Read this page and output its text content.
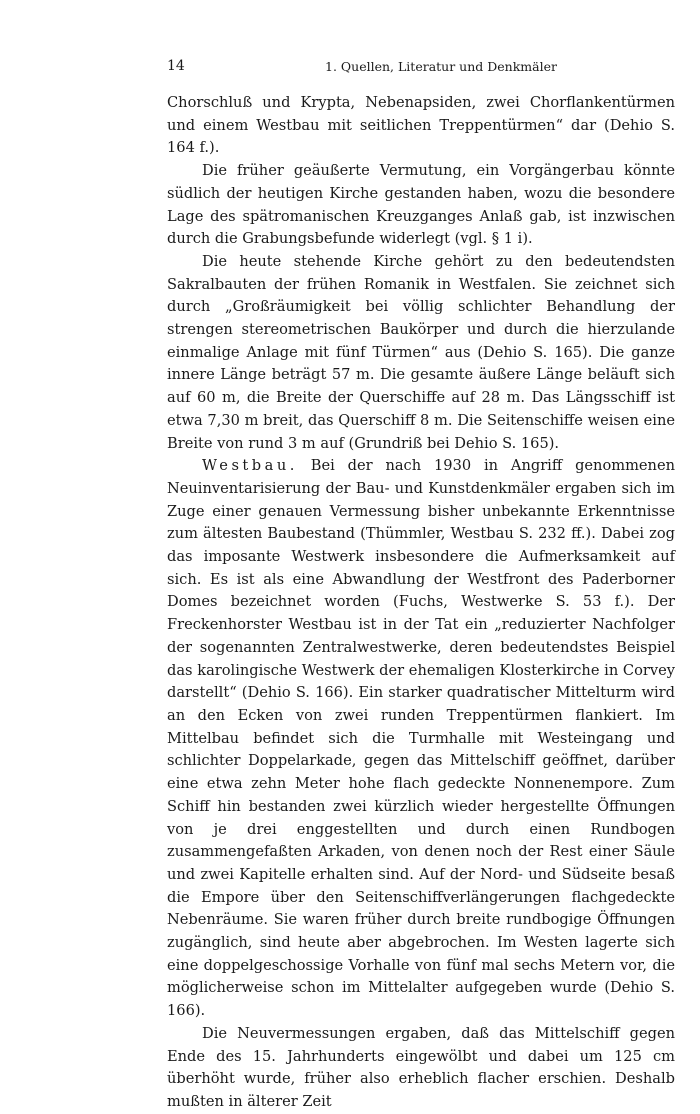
14	1. Quellen, Literatur und Denkmäler

Chorschluß und Krypta, Nebenapsiden, zwei Chorflankentürmen und einem Westbau mit seitlichen Treppentürmen“ dar (Dehio S. 164 f.).

Die früher geäußerte Vermutung, ein Vorgängerbau könnte südlich der heutigen Kirche gestanden haben, wozu die besondere Lage des spätromanischen Kreuzganges Anlaß gab, ist inzwischen durch die Grabungsbefunde widerlegt (vgl. § 1 i).

Die heute stehende Kirche gehört zu den bedeutendsten Sakralbauten der frühen Romanik in Westfalen. Sie zeichnet sich durch „Großräumigkeit bei völlig schlichter Behandlung der strengen stereometrischen Baukörper und durch die hierzulande einmalige Anlage mit fünf Türmen“ aus (Dehio S. 165). Die ganze innere Länge beträgt 57 m. Die gesamte äußere Länge beläuft sich auf 60 m, die Breite der Querschiffe auf 28 m. Das Längsschiff ist etwa 7,30 m breit, das Querschiff 8 m. Die Seitenschiffe weisen eine Breite von rund 3 m auf (Grundriß bei Dehio S. 165).

Westbau. Bei der nach 1930 in Angriff genommenen Neuinventarisierung der Bau- und Kunstdenkmäler ergaben sich im Zuge einer genauen Vermessung bisher unbekannte Erkenntnisse zum ältesten Baubestand (Thümmler, Westbau S. 232 ff.). Dabei zog das imposante Westwerk insbesondere die Aufmerksamkeit auf sich. Es ist als eine Abwandlung der Westfront des Paderborner Domes bezeichnet worden (Fuchs, Westwerke S. 53 f.). Der Freckenhorster Westbau ist in der Tat ein „reduzierter Nachfolger der sogenannten Zentralwestwerke, deren bedeutendstes Beispiel das karolingische Westwerk der ehemaligen Klosterkirche in Corvey darstellt“ (Dehio S. 166). Ein starker quadratischer Mittelturm wird an den Ecken von zwei runden Treppentürmen flankiert. Im Mittelbau befindet sich die Turmhalle mit Westeingang und schlichter Doppelarkade, gegen das Mittelschiff geöffnet, darüber eine etwa zehn Meter hohe flach gedeckte Nonnenempore. Zum Schiff hin bestanden zwei kürzlich wieder hergestellte Öffnungen von je drei enggestellten und durch einen Rundbogen zusammengefaßten Arkaden, von denen noch der Rest einer Säule und zwei Kapitelle erhalten sind. Auf der Nord- und Südseite besaß die Empore über den Seitenschiffverlängerungen flachgedeckte Nebenräume. Sie waren früher durch breite rundbogige Öffnungen zugänglich, sind heute aber abgebrochen. Im Westen lagerte sich eine doppelgeschossige Vorhalle von fünf mal sechs Metern vor, die möglicherweise schon im Mittelalter aufgegeben wurde (Dehio S. 166).

Die Neuvermessungen ergaben, daß das Mittelschiff gegen Ende des 15. Jahrhunderts eingewölbt und dabei um 125 cm überhöht wurde, früher also erheblich flacher erschien. Deshalb mußten in älterer Zeit
